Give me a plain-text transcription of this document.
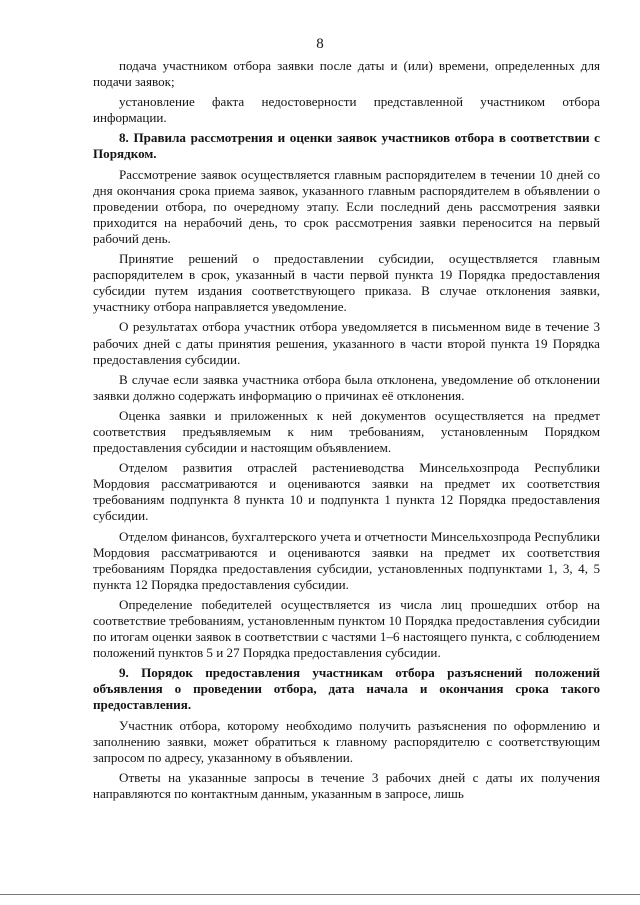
8

подача участником отбора заявки после даты и (или) времени, определенных для подачи заявок;

установление факта недостоверности представленной участником отбора информации.

8. Правила рассмотрения и оценки заявок участников отбора в соответствии с Порядком.

Рассмотрение заявок осуществляется главным распорядителем в течении 10 дней со дня окончания срока приема заявок, указанного главным распорядителем в объявлении о проведении отбора, по очередному этапу. Если последний день рассмотрения заявки приходится на нерабочий день, то срок рассмотрения заявки переносится на первый рабочий день.

Принятие решений о предоставлении субсидии, осуществляется главным распорядителем в срок, указанный в части первой пункта 19 Порядка предоставления субсидии путем издания соответствующего приказа. В случае отклонения заявки, участнику отбора направляется уведомление.

О результатах отбора участник отбора уведомляется в письменном виде в течение 3 рабочих дней с даты принятия решения, указанного в части второй пункта 19 Порядка предоставления субсидии.

В случае если заявка участника отбора была отклонена, уведомление об отклонении заявки должно содержать информацию о причинах её отклонения.

Оценка заявки и приложенных к ней документов осуществляется на предмет соответствия предъявляемым к ним требованиям, установленным Порядком предоставления субсидии и настоящим объявлением.

Отделом развития отраслей растениеводства Минсельхозпрода Республики Мордовия рассматриваются и оцениваются заявки на предмет их соответствия требованиям подпункта 8 пункта 10 и подпункта 1 пункта 12 Порядка предоставления субсидии.

Отделом финансов, бухгалтерского учета и отчетности Минсельхозпрода Республики Мордовия рассматриваются и оцениваются заявки на предмет их соответствия требованиям Порядка предоставления субсидии, установленных подпунктами 1, 3, 4, 5 пункта 12 Порядка предоставления субсидии.

Определение победителей осуществляется из числа лиц прошедших отбор на соответствие требованиям, установленным пунктом 10 Порядка предоставления субсидии по итогам оценки заявок в соответствии с частями 1–6 настоящего пункта, с соблюдением положений пунктов 5 и 27 Порядка предоставления субсидии.

9. Порядок предоставления участникам отбора разъяснений положений объявления о проведении отбора, дата начала и окончания срока такого предоставления.

Участник отбора, которому необходимо получить разъяснения по оформлению и заполнению заявки, может обратиться к главному распорядителю с соответствующим запросом по адресу, указанному в объявлении.

Ответы на указанные запросы в течение 3 рабочих дней с даты их получения направляются по контактным данным, указанным в запросе, лишь
